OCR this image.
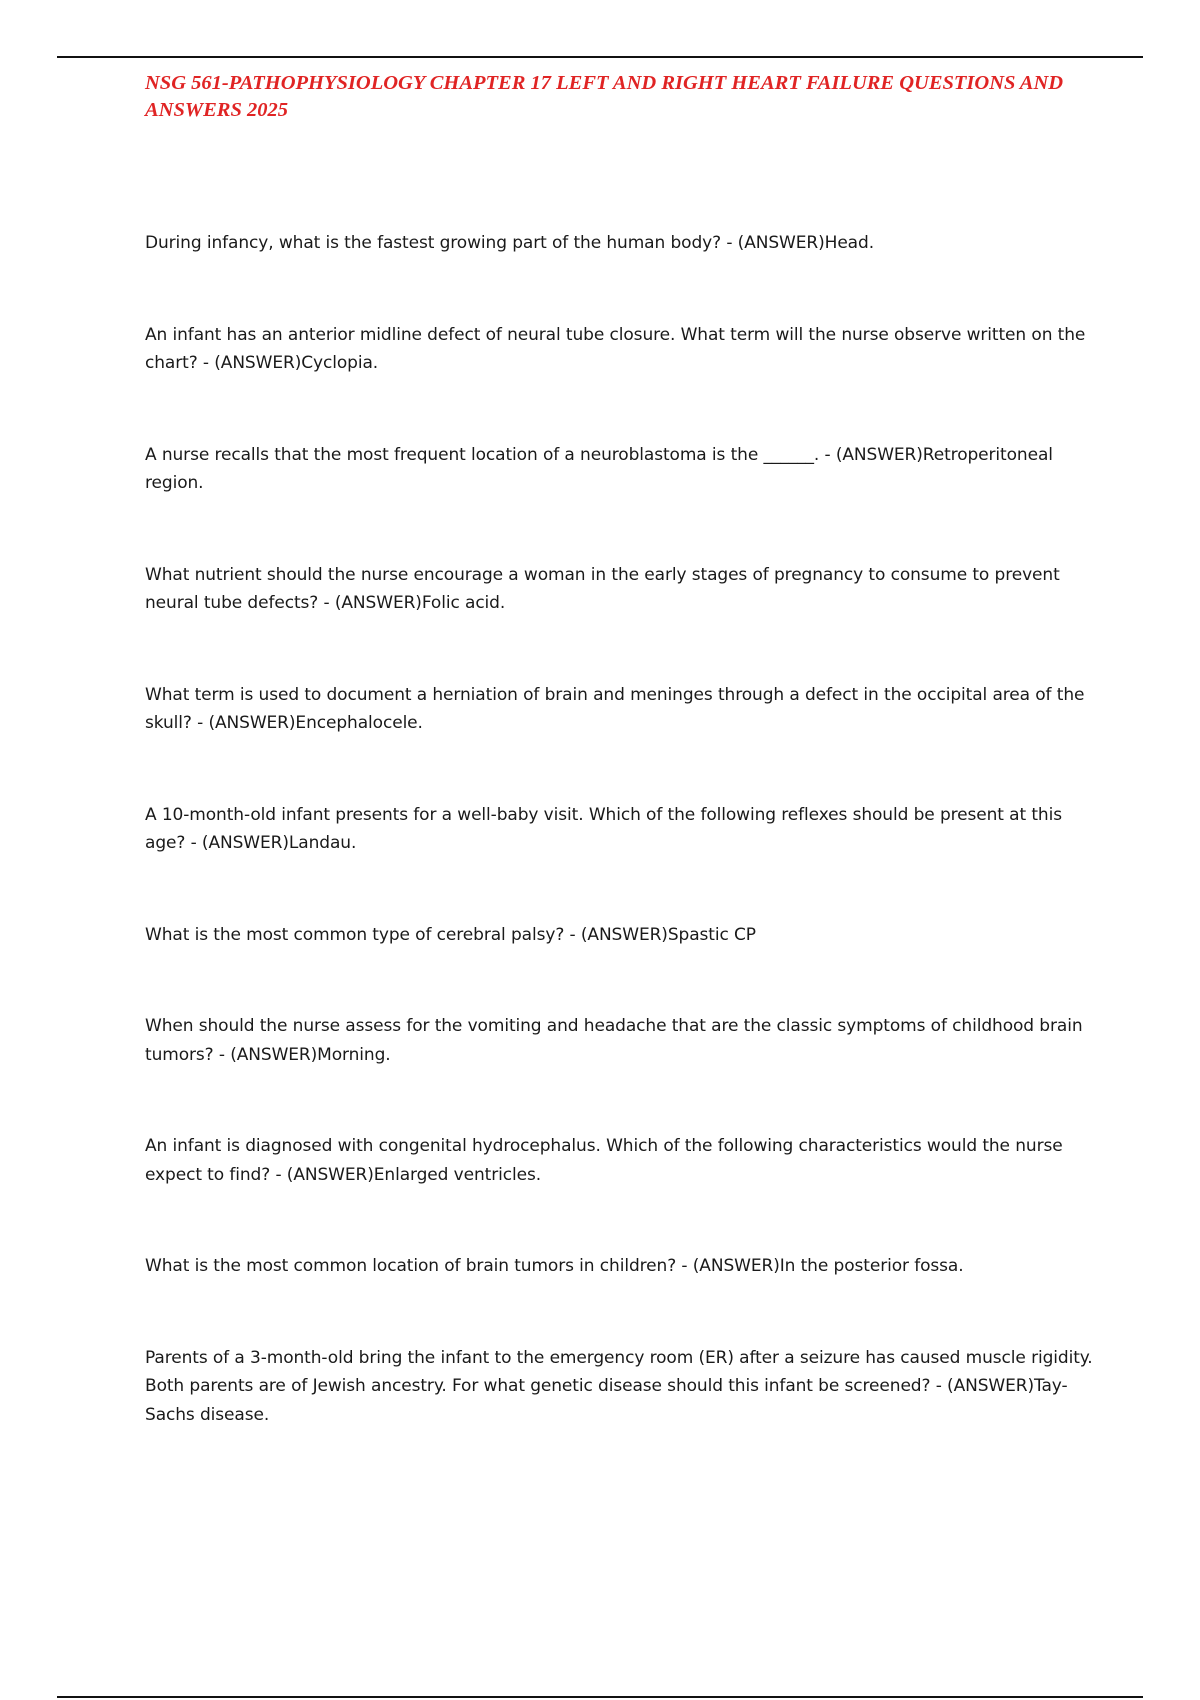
NSG 561-PATHOPHYSIOLOGY CHAPTER 17 LEFT AND RIGHT HEART FAILURE QUESTIONS AND ANSWERS 2025
During infancy, what is the fastest growing part of the human body? - (ANSWER)Head.
An infant has an anterior midline defect of neural tube closure. What term will the nurse observe written on the chart? - (ANSWER)Cyclopia.
A nurse recalls that the most frequent location of a neuroblastoma is the ______. - (ANSWER)Retroperitoneal region.
What nutrient should the nurse encourage a woman in the early stages of pregnancy to consume to prevent neural tube defects? - (ANSWER)Folic acid.
What term is used to document a herniation of brain and meninges through a defect in the occipital area of the skull? - (ANSWER)Encephalocele.
A 10-month-old infant presents for a well-baby visit. Which of the following reflexes should be present at this age? - (ANSWER)Landau.
What is the most common type of cerebral palsy? - (ANSWER)Spastic CP
When should the nurse assess for the vomiting and headache that are the classic symptoms of childhood brain tumors? - (ANSWER)Morning.
An infant is diagnosed with congenital hydrocephalus. Which of the following characteristics would the nurse expect to find? - (ANSWER)Enlarged ventricles.
What is the most common location of brain tumors in children? - (ANSWER)In the posterior fossa.
Parents of a 3-month-old bring the infant to the emergency room (ER) after a seizure has caused muscle rigidity. Both parents are of Jewish ancestry. For what genetic disease should this infant be screened? - (ANSWER)Tay-Sachs disease.
